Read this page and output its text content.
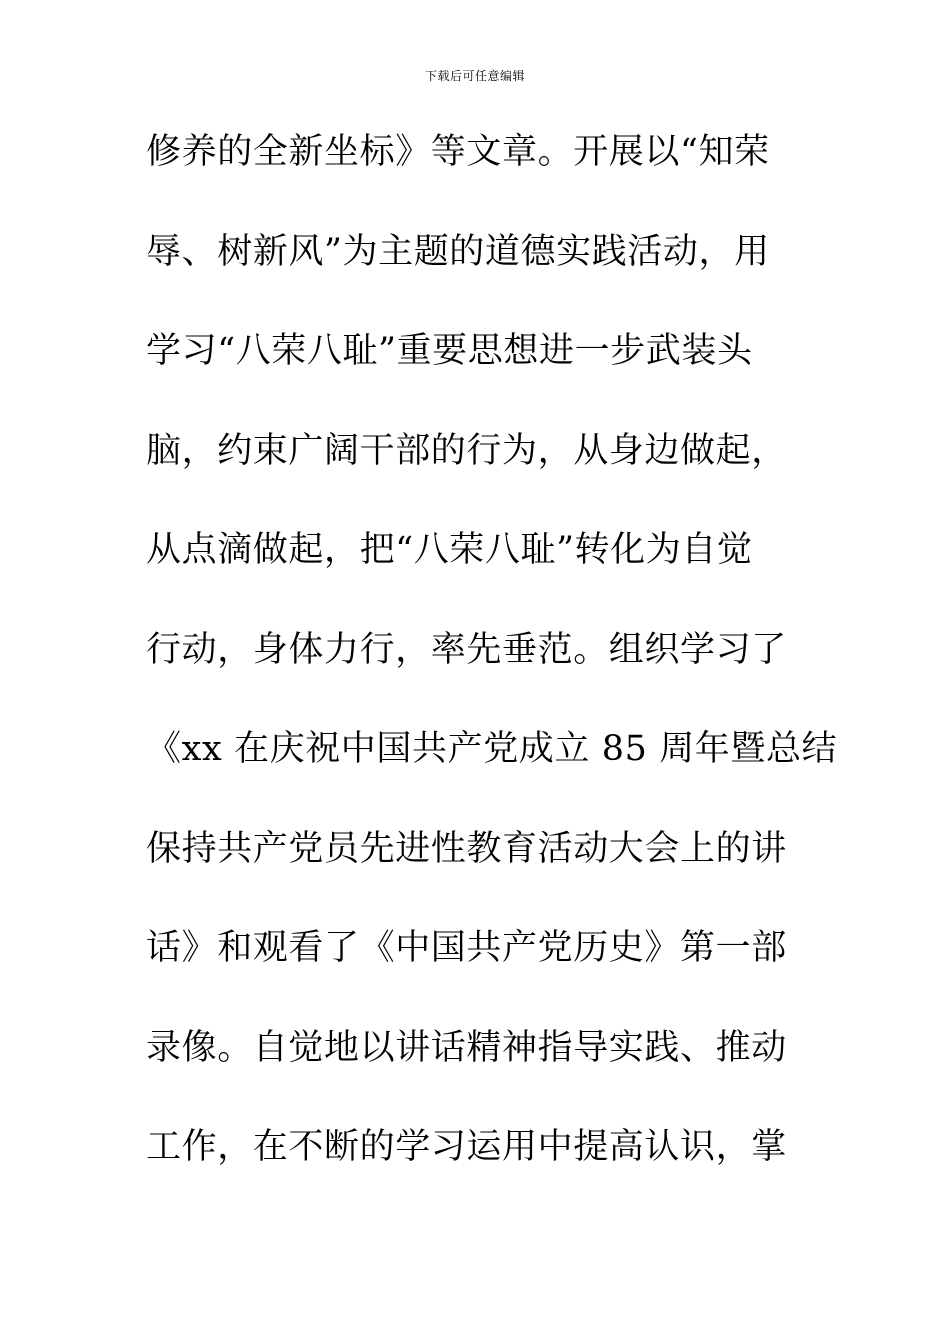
下载后可任意编辑
修养的全新坐标》等文章。开展以“知荣
辱、树新风”为主题的道德实践活动，用
学习“八荣八耻”重要思想进一步武装头
脑，约束广阔干部的行为，从身边做起，
从点滴做起，把“八荣八耻”转化为自觉
行动，身体力行，率先垂范。组织学习了
《xx 在庆祝中国共产党成立 85 周年暨总结
保持共产党员先进性教育活动大会上的讲
话》和观看了《中国共产党历史》第一部
录像。自觉地以讲话精神指导实践、推动
工作，在不断的学习运用中提高认识，掌
